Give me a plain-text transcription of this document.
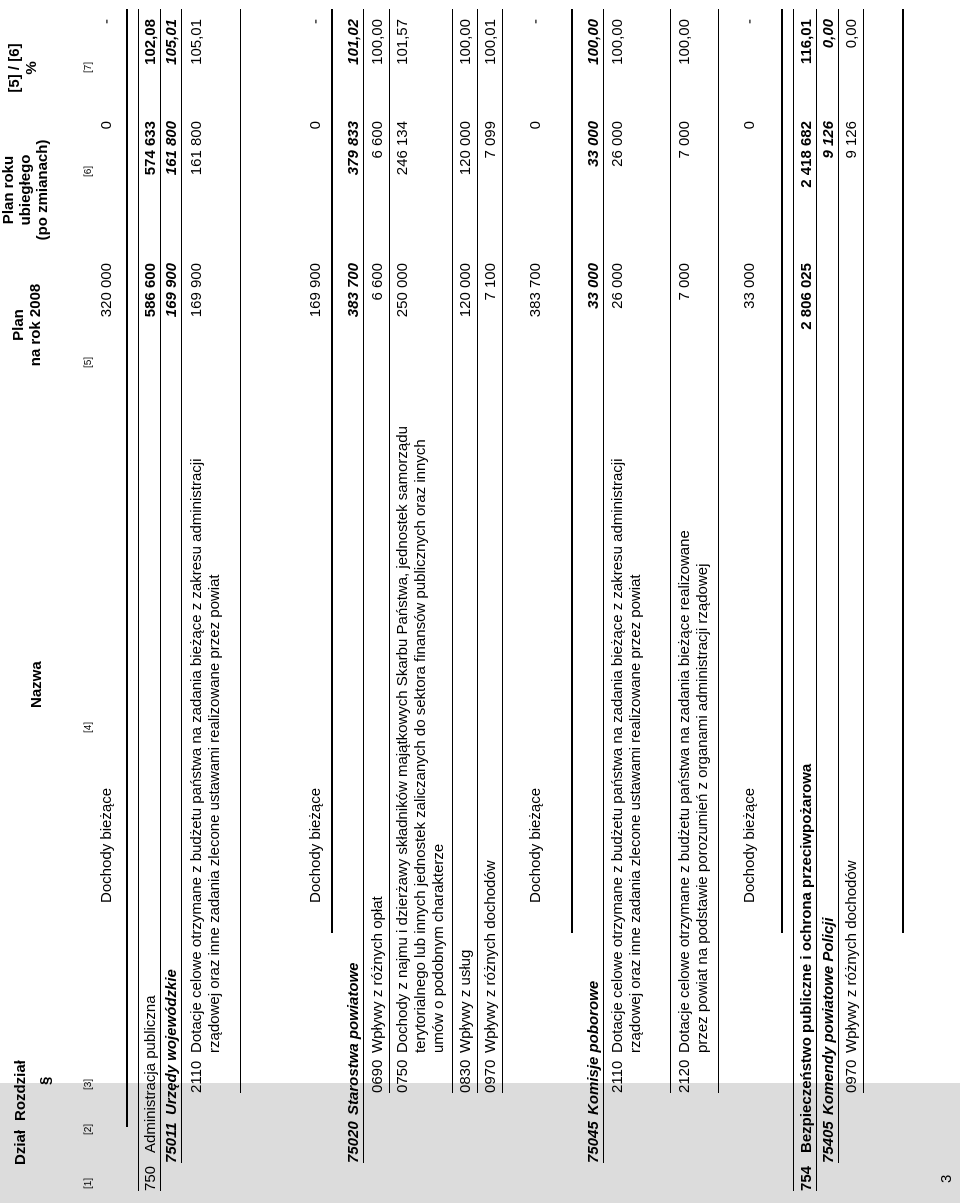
Dział
Rozdział §
Nazwa
Plan na rok 2008
Plan roku ubiegłego (po zmianach)
[5] / [6] %
[1]
[2]
[3]
[4]
[5]
[6]
[7]
Dochody bieżące
320 000
0
-
750
Administracja publiczna
586 600
574 633
102,08
75011
Urzędy wojewódzkie
169 900
161 800
105,01
2110
Dotacje celowe otrzymane z budżetu państwa na zadania bieżące z zakresu administracji rządowej oraz inne zadania zlecone ustawami realizowane przez powiat
169 900
161 800
105,01
Dochody bieżące
169 900
0
-
75020
Starostwa powiatowe
383 700
379 833
101,02
0690
Wpływy z różnych opłat
6 600
6 600
100,00
0750
Dochody z najmu i dzierżawy składników majątkowych Skarbu Państwa, jednostek samorządu terytorialnego lub innych jednostek zaliczanych do sektora finansów publicznych oraz innych umów o podobnym charakterze
250 000
246 134
101,57
0830
Wpływy z usług
120 000
120 000
100,00
0970
Wpływy z różnych dochodów
7 100
7 099
100,01
Dochody bieżące
383 700
0
-
75045
Komisje poborowe
33 000
33 000
100,00
2110
Dotacje celowe otrzymane z budżetu państwa na zadania bieżące z zakresu administracji rządowej oraz inne zadania zlecone ustawami realizowane przez powiat
26 000
26 000
100,00
2120
Dotacje celowe otrzymane z budżetu państwa na zadania bieżące realizowane przez powiat na podstawie porozumień z organami administracji rządowej
7 000
7 000
100,00
Dochody bieżące
33 000
0
-
754
Bezpieczeństwo publiczne i ochrona przeciwpożarowa
2 806 025
2 418 682
116,01
75405
Komendy powiatowe Policji
9 126
0,00
0970
Wpływy z różnych dochodów
9 126
0,00
3
